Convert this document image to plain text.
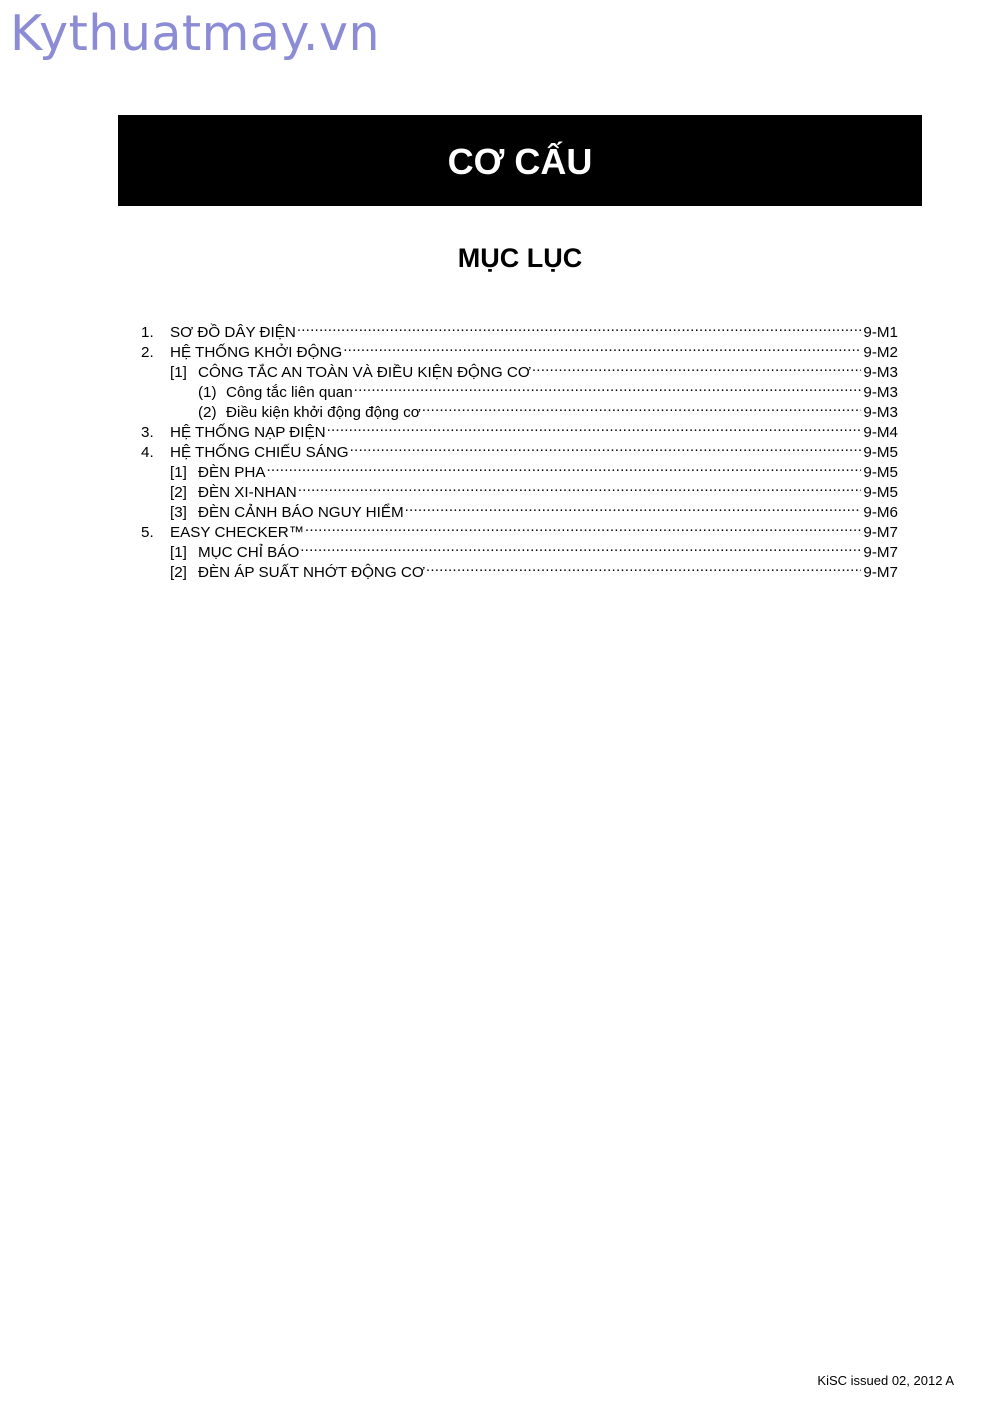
Kythuatmay.vn
CƠ CẤU
MỤC LỤC
1.	SƠ ĐỒ DÂY ĐIỆN .....	9-M1
2.	HỆ THỐNG KHỞI ĐỘNG .....	9-M2
[1] CÔNG TẮC AN TOÀN VÀ ĐIỀU KIỆN ĐỘNG CƠ .....	9-M3
(1) Công tắc liên quan .....	9-M3
(2) Điều kiện khởi động động cơ .....	9-M3
3.	HỆ THỐNG NẠP ĐIỆN .....	9-M4
4.	HỆ THỐNG CHIẾU SÁNG .....	9-M5
[1] ĐÈN PHA .....	9-M5
[2] ĐÈN XI-NHAN .....	9-M5
[3] ĐÈN CẢNH BÁO NGUY HIỂM .....	9-M6
5.	EASY CHECKER™ .....	9-M7
[1] MỤC CHỈ BÁO .....	9-M7
[2] ĐÈN ÁP SUẤT NHỚT ĐỘNG CƠ .....	9-M7
KiSC issued 02, 2012 A
